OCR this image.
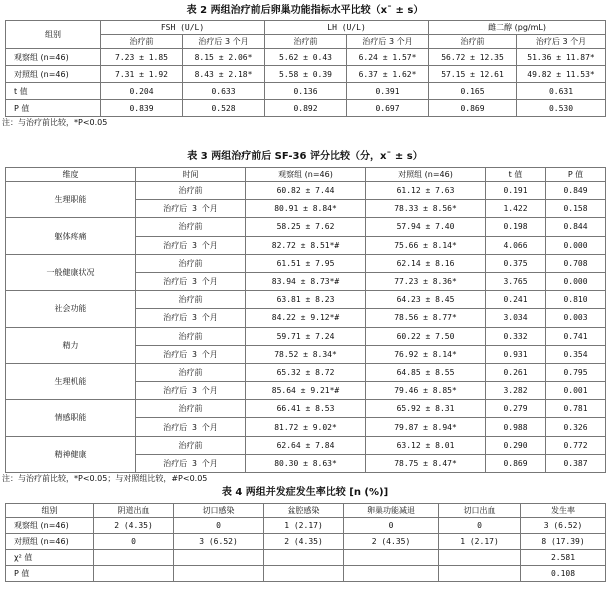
表 2 两组治疗前后卵巢功能指标水平比较（x¯ ± s）
组别	FSH (U/L)		LH (U/L)		雌二醇 (pg/mL)	
	治疗前	治疗后 3 个月	治疗前	治疗后 3 个月	治疗前	治疗后 3 个月
观察组 (n=46)	7.23 ± 1.85	8.15 ± 2.06*	5.62 ± 0.43	6.24 ± 1.57*	56.72 ± 12.35	51.36 ± 11.87*
对照组 (n=46)	7.31 ± 1.92	8.43 ± 2.18*	5.58 ± 0.39	6.37 ± 1.62*	57.15 ± 12.61	49.82 ± 11.53*
t 值	0.204	0.633	0.136	0.391	0.165	0.631
P 值	0.839	0.528	0.892	0.697	0.869	0.530
注：与治疗前比较，*P<0.05
表 3 两组治疗前后 SF-36 评分比较（分，x¯ ± s）
维度	时间	观察组 (n=46)	对照组 (n=46)	t 值	P 值
生理职能	治疗前	60.82 ± 7.44	61.12 ± 7.63	0.191	0.849
	治疗后 3 个月	80.91 ± 8.84*	78.33 ± 8.56*	1.422	0.158
躯体疼痛	治疗前	58.25 ± 7.62	57.94 ± 7.40	0.198	0.844
	治疗后 3 个月	82.72 ± 8.51*#	75.66 ± 8.14*	4.066	0.000
一般健康状况	治疗前	61.51 ± 7.95	62.14 ± 8.16	0.375	0.708
	治疗后 3 个月	83.94 ± 8.73*#	77.23 ± 8.36*	3.765	0.000
社会功能	治疗前	63.81 ± 8.23	64.23 ± 8.45	0.241	0.810
	治疗后 3 个月	84.22 ± 9.12*#	78.56 ± 8.77*	3.034	0.003
精力	治疗前	59.71 ± 7.24	60.22 ± 7.50	0.332	0.741
	治疗后 3 个月	78.52 ± 8.34*	76.92 ± 8.14*	0.931	0.354
生理机能	治疗前	65.32 ± 8.72	64.85 ± 8.55	0.261	0.795
	治疗后 3 个月	85.64 ± 9.21*#	79.46 ± 8.85*	3.282	0.001
情感职能	治疗前	66.41 ± 8.53	65.92 ± 8.31	0.279	0.781
	治疗后 3 个月	81.72 ± 9.02*	79.87 ± 8.94*	0.988	0.326
精神健康	治疗前	62.64 ± 7.84	63.12 ± 8.01	0.290	0.772
	治疗后 3 个月	80.30 ± 8.63*	78.75 ± 8.47*	0.869	0.387
注：与治疗前比较，*P<0.05；与对照组比较，#P<0.05
表 4 两组并发症发生率比较 [n (%)]
组别	阴道出血	切口感染	盆腔感染	卵巢功能减退	切口出血	发生率
观察组 (n=46)	2 (4.35)	0	1 (2.17)	0	0	3 (6.52)
对照组 (n=46)	0	3 (6.52)	2 (4.35)	2 (4.35)	1 (2.17)	8 (17.39)
χ² 值						2.581
P 值						0.108
